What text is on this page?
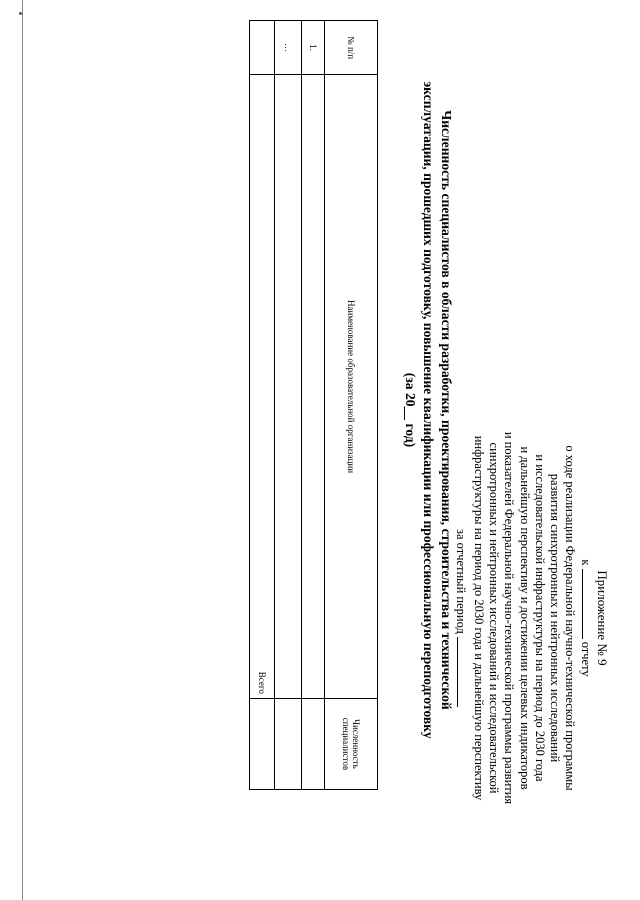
Приложение № 9
к  отчету
о ходе реализации Федеральной научно-технической программы
развития синхротронных и нейтронных исследований
и исследовательской инфраструктуры на период до 2030 года
и дальнейшую перспективу и достижении целевых индикаторов
и показателей Федеральной научно-технической программы развития
синхротронных и нейтронных исследований и исследовательской
инфраструктуры на период до 2030 года и дальнейшую перспективу
за отчетный период
Численность специалистов в области разработки, проектирования, строительства и технической
эксплуатации, прошедших подготовку, повышение квалификации или профессиональную переподготовку
(за 20__ год)
№ п/п	Наименование образовательной организации	Численность специалистов
1.		
…		
	Всего	
